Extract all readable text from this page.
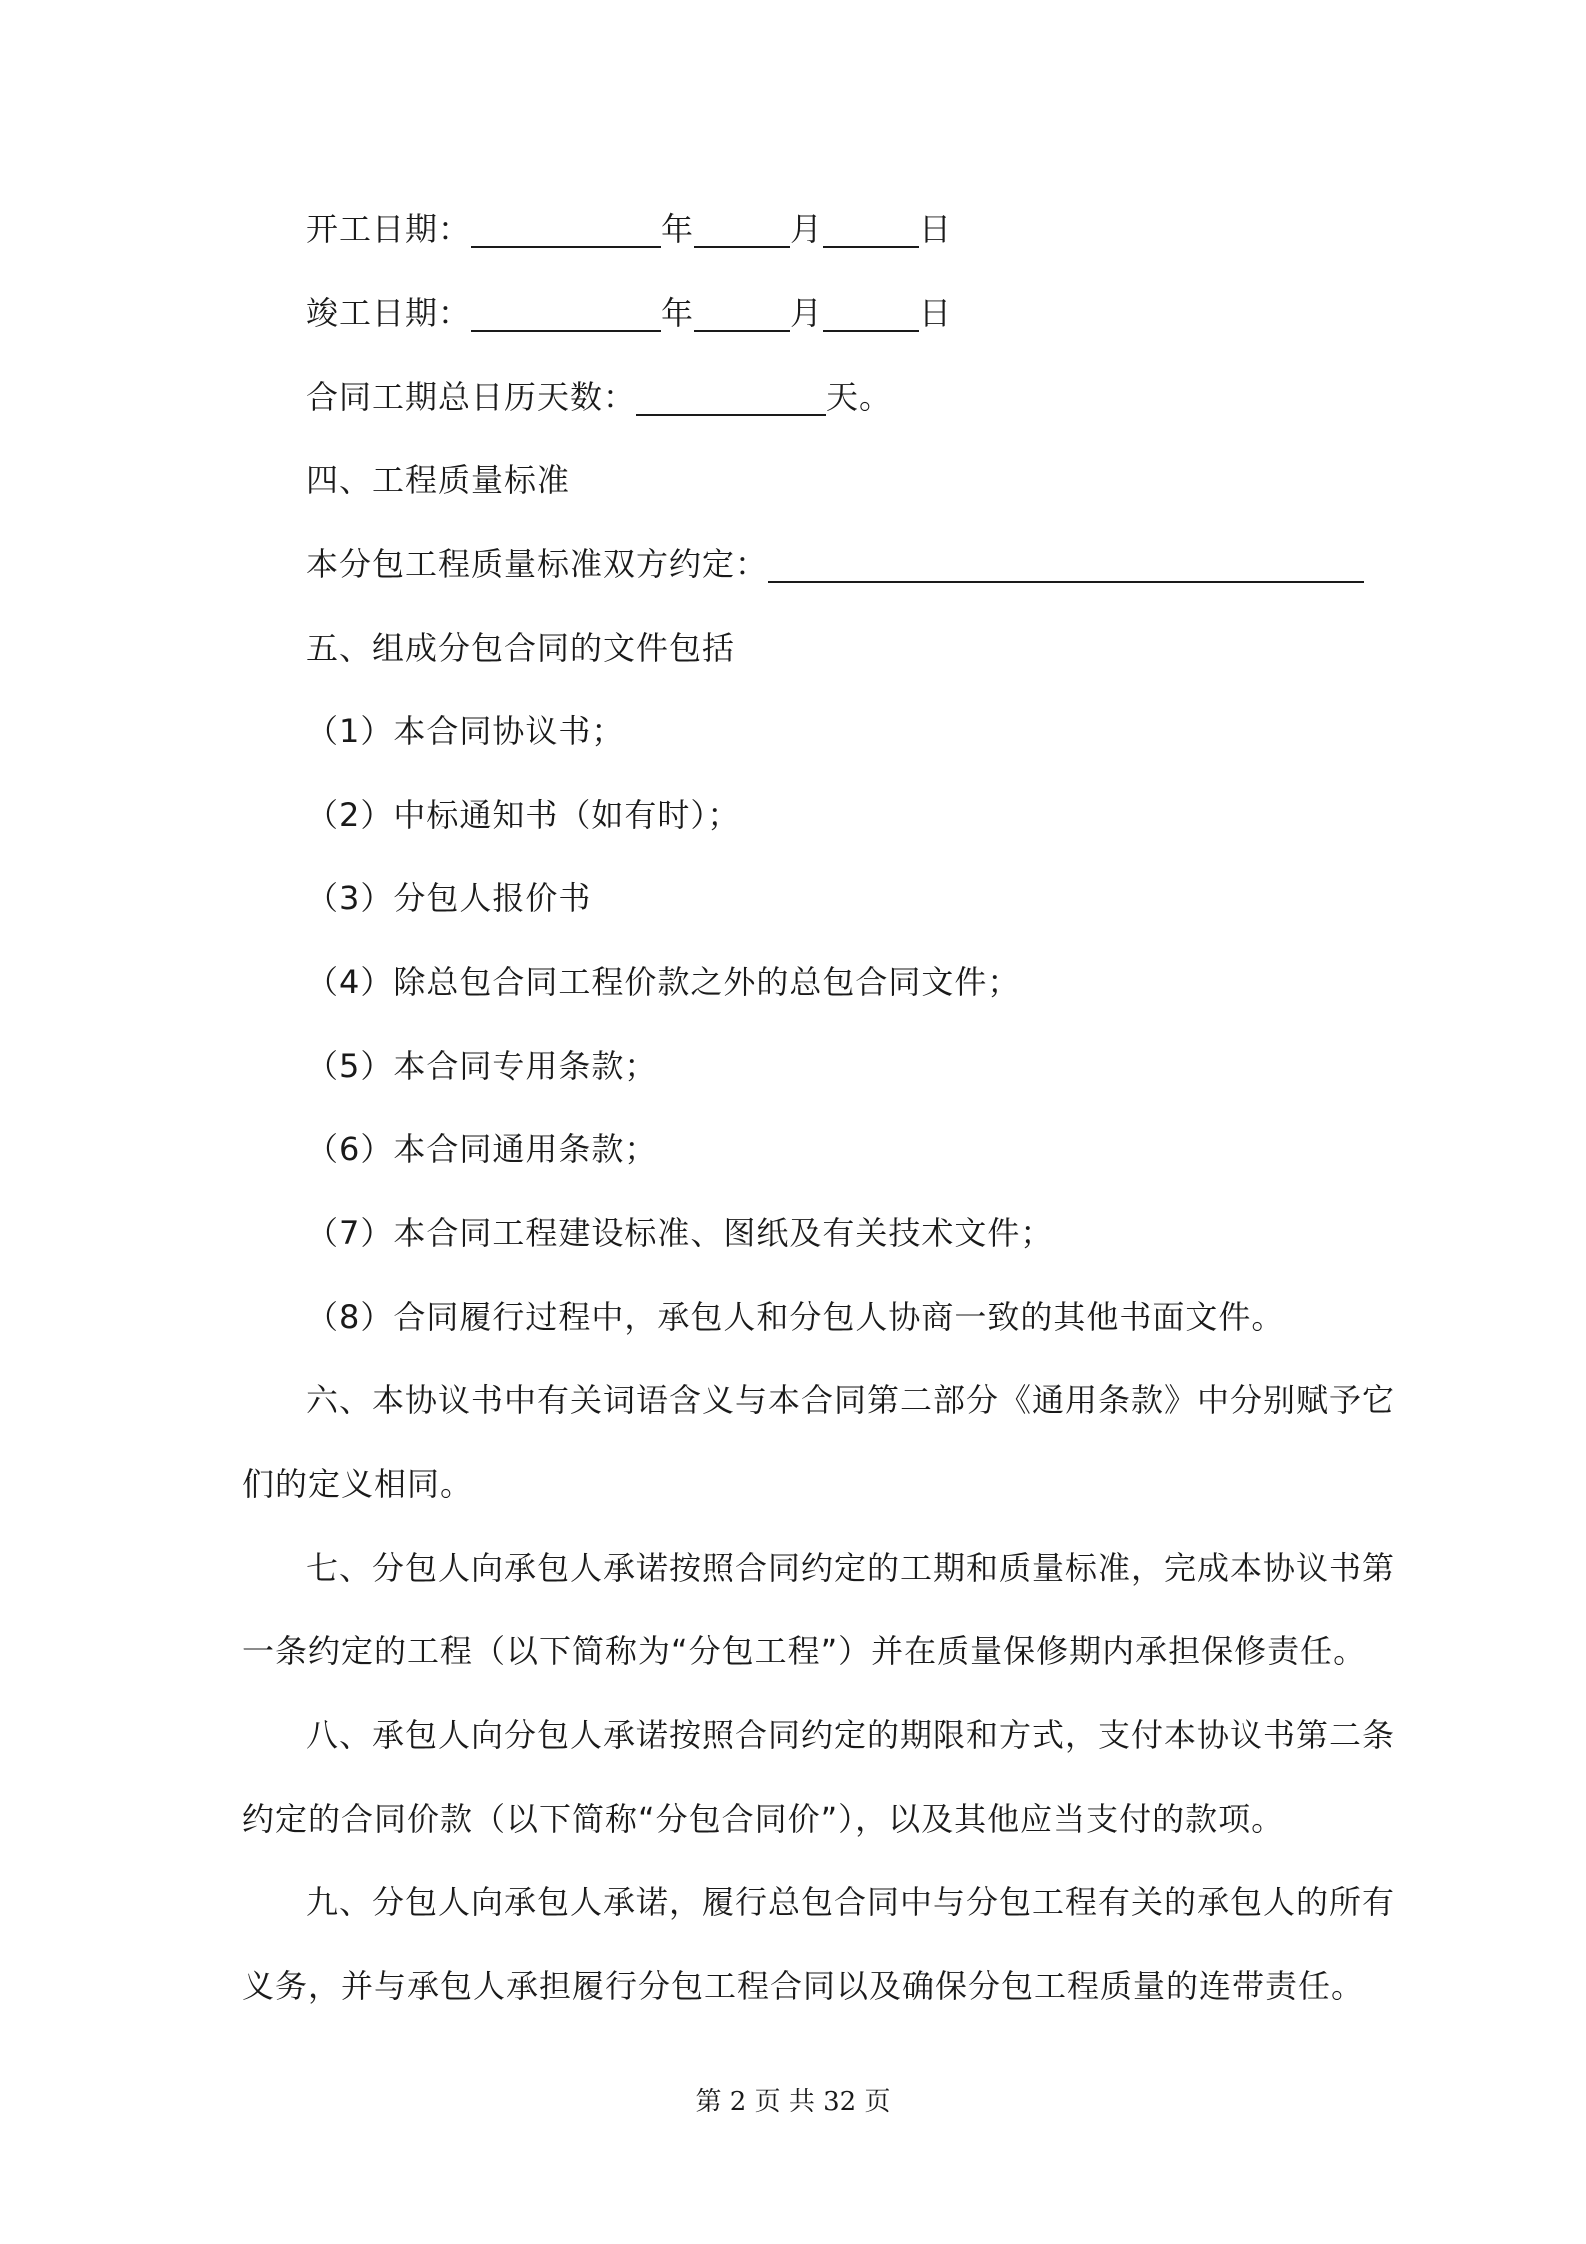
开工日期：	年	月	日
竣工日期：	年	月	日
合同工期总日历天数：	天。
四、工程质量标准
本分包工程质量标准双方约定：
五、组成分包合同的文件包括
（1）本合同协议书；
（2）中标通知书（如有时）；
（3）分包人报价书
（4）除总包合同工程价款之外的总包合同文件；
（5）本合同专用条款；
（6）本合同通用条款；
（7）本合同工程建设标准、图纸及有关技术文件；
（8）合同履行过程中，承包人和分包人协商一致的其他书面文件。
六、本协议书中有关词语含义与本合同第二部分《通用条款》中分别赋予它
们的定义相同。
七、分包人向承包人承诺按照合同约定的工期和质量标准，完成本协议书第
一条约定的工程（以下简称为“分包工程”）并在质量保修期内承担保修责任。
八、承包人向分包人承诺按照合同约定的期限和方式，支付本协议书第二条
约定的合同价款（以下简称“分包合同价”），以及其他应当支付的款项。
九、分包人向承包人承诺，履行总包合同中与分包工程有关的承包人的所有
义务，并与承包人承担履行分包工程合同以及确保分包工程质量的连带责任。
第 2 页 共 32 页
